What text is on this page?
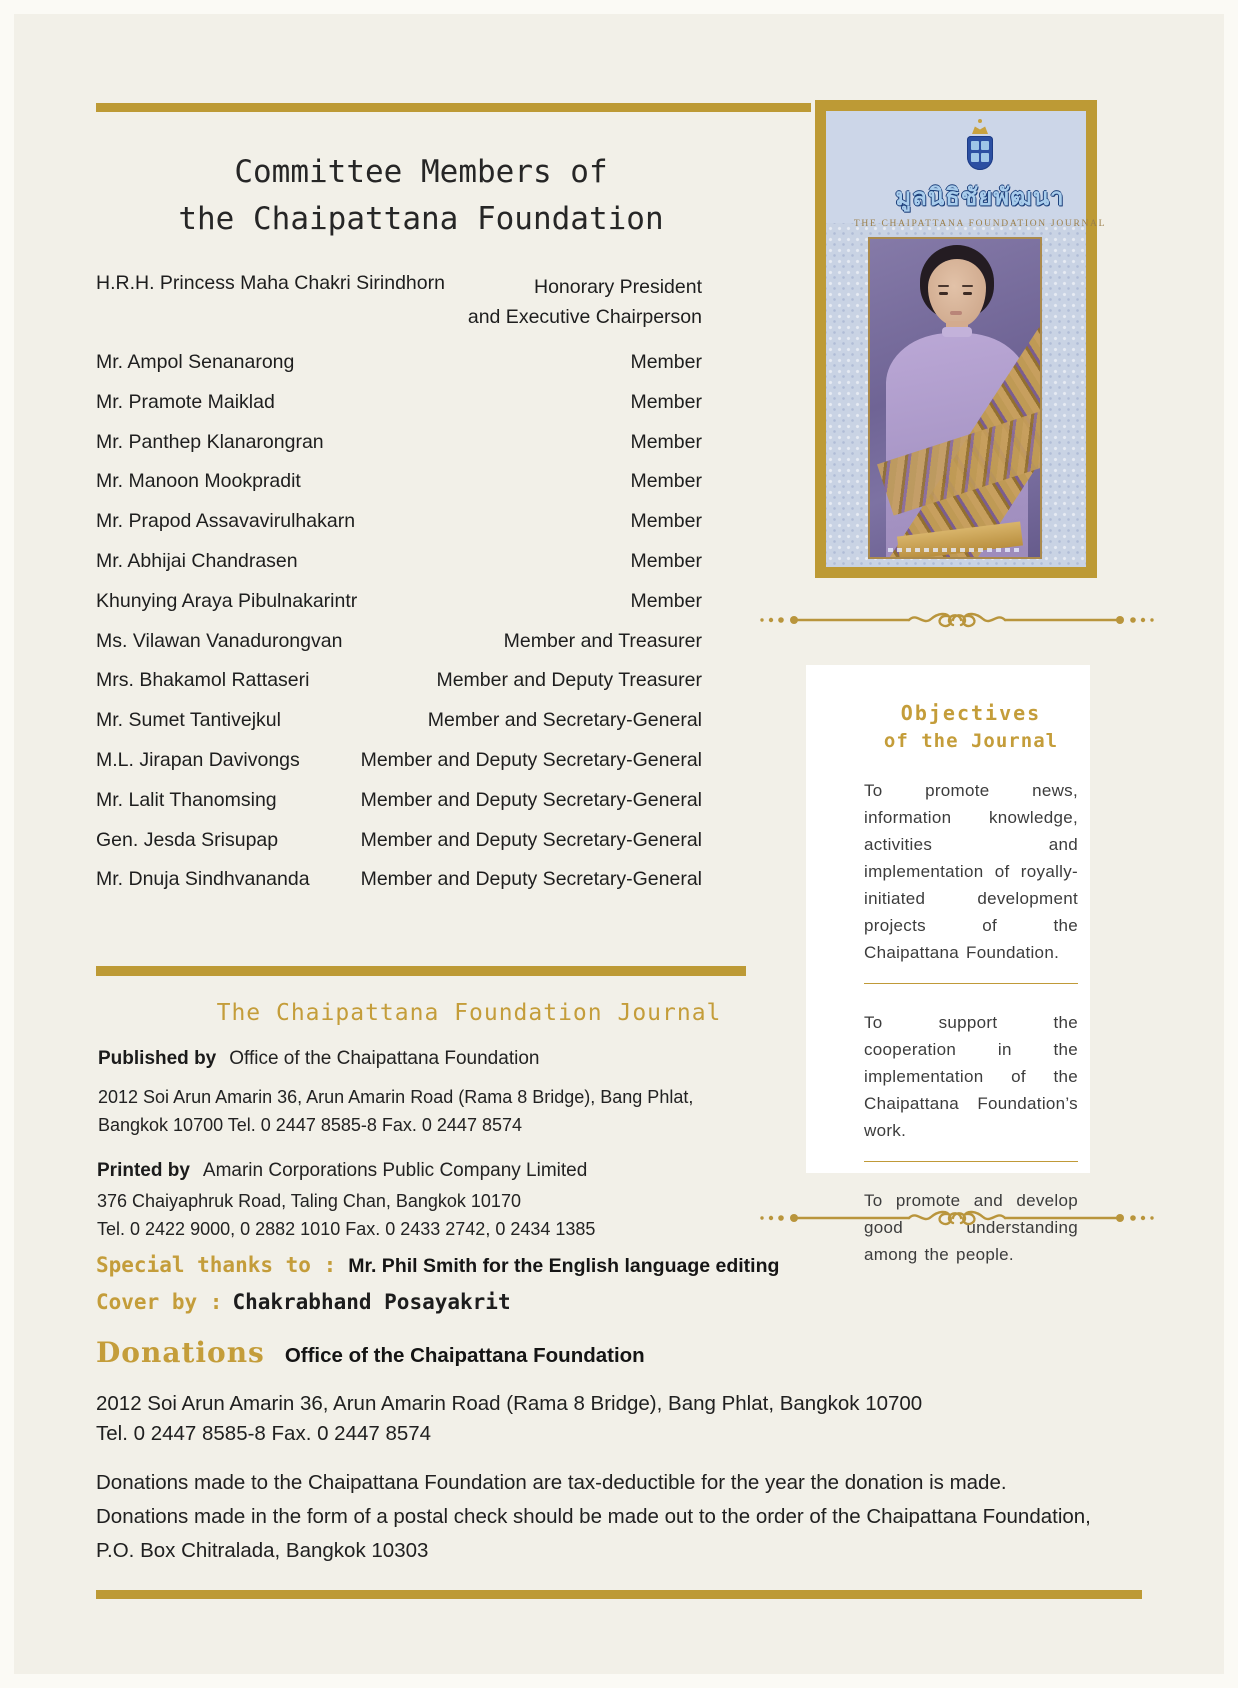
Committee Members of
the Chaipattana Foundation
H.R.H. Princess Maha Chakri Sirindhorn	Honorary President
and Executive Chairperson
Mr. Ampol Senanarong	Member
Mr. Pramote Maiklad	Member
Mr. Panthep Klanarongran	Member
Mr. Manoon Mookpradit	Member
Mr. Prapod Assavavirulhakarn	Member
Mr. Abhijai Chandrasen	Member
Khunying Araya Pibulnakarintr	Member
Ms. Vilawan Vanadurongvan	Member and Treasurer
Mrs. Bhakamol Rattaseri	Member and Deputy Treasurer
Mr. Sumet Tantivejkul	Member and Secretary-General
M.L. Jirapan Davivongs	Member and Deputy Secretary-General
Mr. Lalit Thanomsing	Member and Deputy Secretary-General
Gen. Jesda Srisupap	Member and Deputy Secretary-General
Mr. Dnuja Sindhvananda	Member and Deputy Secretary-General
The Chaipattana Foundation Journal
Published by Office of the Chaipattana Foundation
2012 Soi Arun Amarin 36, Arun Amarin Road (Rama 8 Bridge), Bang Phlat,
Bangkok 10700 Tel. 0 2447 8585-8 Fax. 0 2447 8574
Printed by Amarin Corporations Public Company Limited
376 Chaiyaphruk Road, Taling Chan, Bangkok 10170
Tel. 0 2422 9000, 0 2882 1010 Fax. 0 2433 2742, 0 2434 1385
Special thanks to : Mr. Phil Smith for the English language editing
Cover by : Chakrabhand Posayakrit
Donations Office of the Chaipattana Foundation
2012 Soi Arun Amarin 36, Arun Amarin Road (Rama 8 Bridge), Bang Phlat, Bangkok 10700
Tel. 0 2447 8585-8 Fax. 0 2447 8574
Donations made to the Chaipattana Foundation are tax-deductible for the year the donation is made.
Donations made in the form of a postal check should be made out to the order of the Chaipattana Foundation,
P.O. Box Chitralada, Bangkok 10303
มูลนิธิชัยพัฒนา
THE CHAIPATTANA FOUNDATION JOURNAL
Objectives
of the Journal
To promote news, information knowledge, activities and implementation of royally-initiated development projects of the Chaipattana Foundation.
To support the cooperation in the implementation of the Chaipattana Foundation’s work.
To promote and develop good understanding among the people.
